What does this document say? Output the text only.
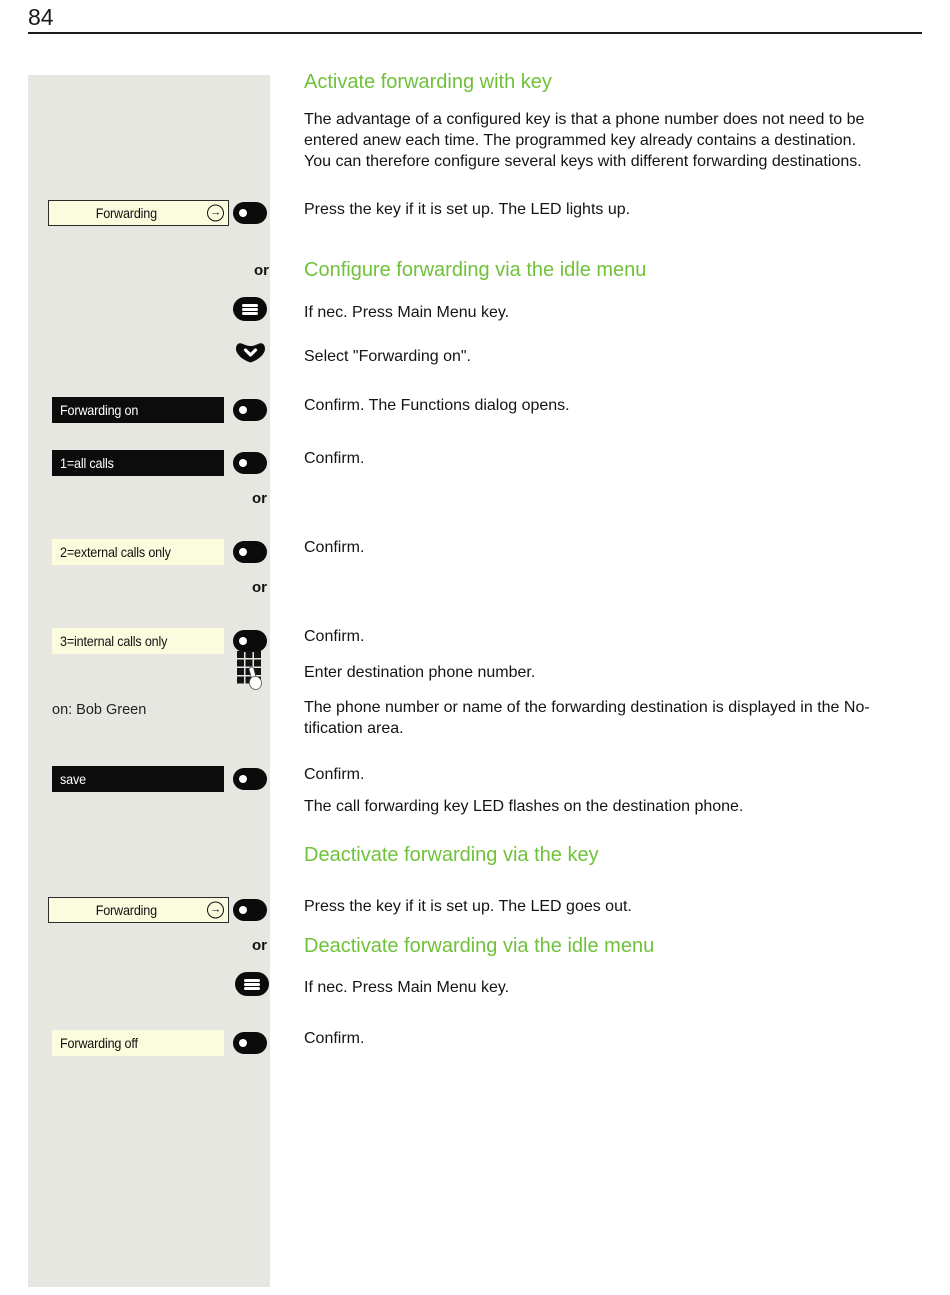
84
Activate forwarding with key
The advantage of a configured key is that a phone number does not need to be
entered anew each time. The programmed key already contains a destination.
You can therefore configure several keys with different forwarding destinations.
Forwarding →	Press the key if it is set up. The LED lights up.
or Configure forwarding via the idle menu
If nec. Press Main Menu key.
Select "Forwarding on".
Forwarding on	Confirm. The Functions dialog opens.
1=all calls	Confirm.
or
2=external calls only	Confirm.
or
3=internal calls only	Confirm.
Enter destination phone number.
on: Bob Green	The phone number or name of the forwarding destination is displayed in the No-
tification area.
save	Confirm.
The call forwarding key LED flashes on the destination phone.
Deactivate forwarding via the key
Forwarding →	Press the key if it is set up. The LED goes out.
or Deactivate forwarding via the idle menu
If nec. Press Main Menu key.
Forwarding off	Confirm.
